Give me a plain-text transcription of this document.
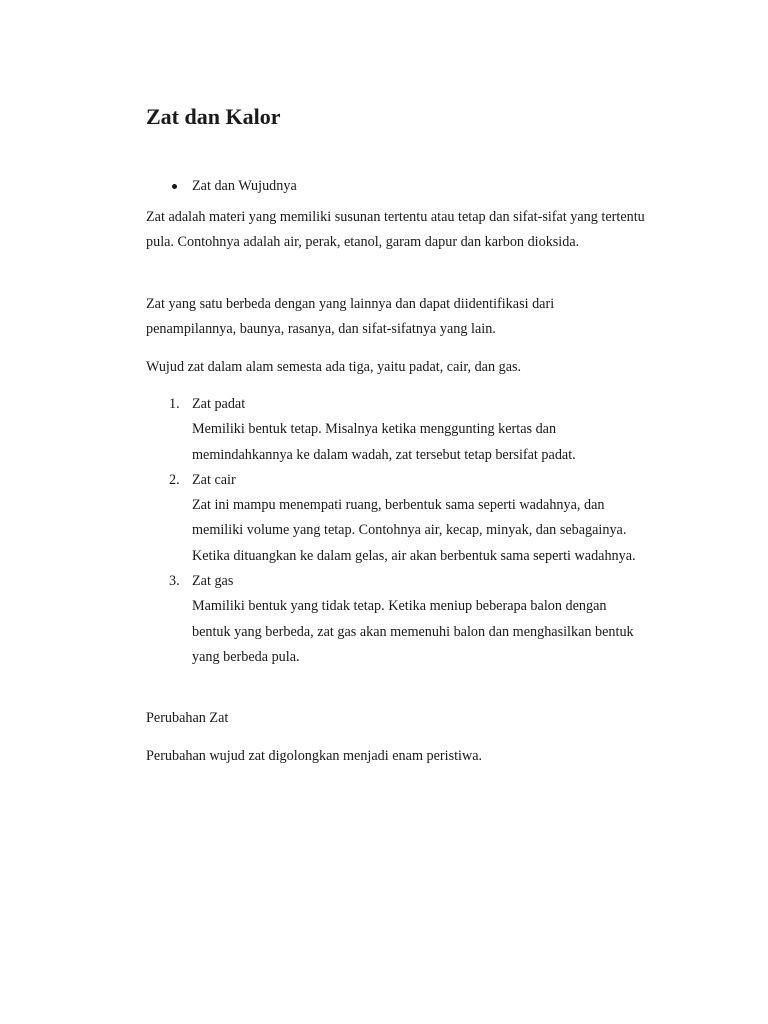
Zat dan Kalor
Zat dan Wujudnya

Zat adalah materi yang memiliki susunan tertentu atau tetap dan sifat-sifat yang tertentu pula. Contohnya adalah air, perak, etanol, garam dapur dan karbon dioksida.

Zat yang satu berbeda dengan yang lainnya dan dapat diidentifikasi dari penampilannya, baunya, rasanya, dan sifat-sifatnya yang lain.

Wujud zat dalam alam semesta ada tiga, yaitu padat, cair, dan gas.

1. Zat padat
Memiliki bentuk tetap. Misalnya ketika menggunting kertas dan memindahkannya ke dalam wadah, zat tersebut tetap bersifat padat.
2. Zat cair
Zat ini mampu menempati ruang, berbentuk sama seperti wadahnya, dan memiliki volume yang tetap. Contohnya air, kecap, minyak, dan sebagainya. Ketika dituangkan ke dalam gelas, air akan berbentuk sama seperti wadahnya.
3. Zat gas
Mamiliki bentuk yang tidak tetap. Ketika meniup beberapa balon dengan bentuk yang berbeda, zat gas akan memenuhi balon dan menghasilkan bentuk yang berbeda pula.

Perubahan Zat

Perubahan wujud zat digolongkan menjadi enam peristiwa.
